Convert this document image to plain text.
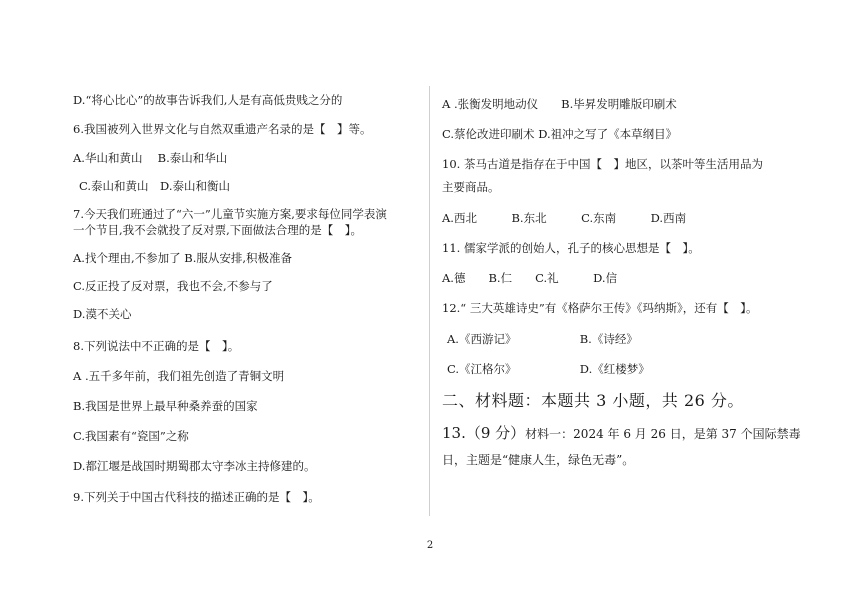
D.“将心比心”的故事告诉我们,人是有高低贵贱之分的
6.我国被列入世界文化与自然双重遗产名录的是【　】等。
A.华山和黄山　 B.泰山和华山
C.泰山和黄山　D.泰山和衡山
7.今天我们班通过了“六一”儿童节实施方案,要求每位同学表演
一个节目,我不会就投了反对票,下面做法合理的是【　】。
A.找个理由,不参加了 B.服从安排,积极准备
C.反正投了反对票，我也不会,不参与了
D.漠不关心
8.下列说法中不正确的是【　】。
A .五千多年前，我们祖先创造了青铜文明
B.我国是世界上最早种桑养蚕的国家
C.我国素有“瓷国”之称
D.都江堰是战国时期蜀郡太守李冰主持修建的。
9.下列关于中国古代科技的描述正确的是【　】。
A .张衡发明地动仪　　B.毕昇发明雕版印刷术
C.蔡伦改进印刷术 D.祖冲之写了《本草纲目》
10. 茶马古道是指存在于中国【　】地区，以茶叶等生活用品为
主要商品。
A.西北　　　B.东北　　　C.东南　　　D.西南
11. 儒家学派的创始人，孔子的核心思想是【　】。
A.德　　B.仁　　C.礼　　　D.信
12.“ 三大英雄诗史”有《格萨尔王传》《玛纳斯》，还有【　】。
A.《西游记》　　　　　　B.《诗经》
C.《江格尔》　　　　　　D.《红楼梦》
二、材料题：本题共 3 小题，共 26 分。
13.（9 分）材料一：2024 年 6 月 26 日，是第 37 个国际禁毒
日，主题是“健康人生，绿色无毒”。
2
